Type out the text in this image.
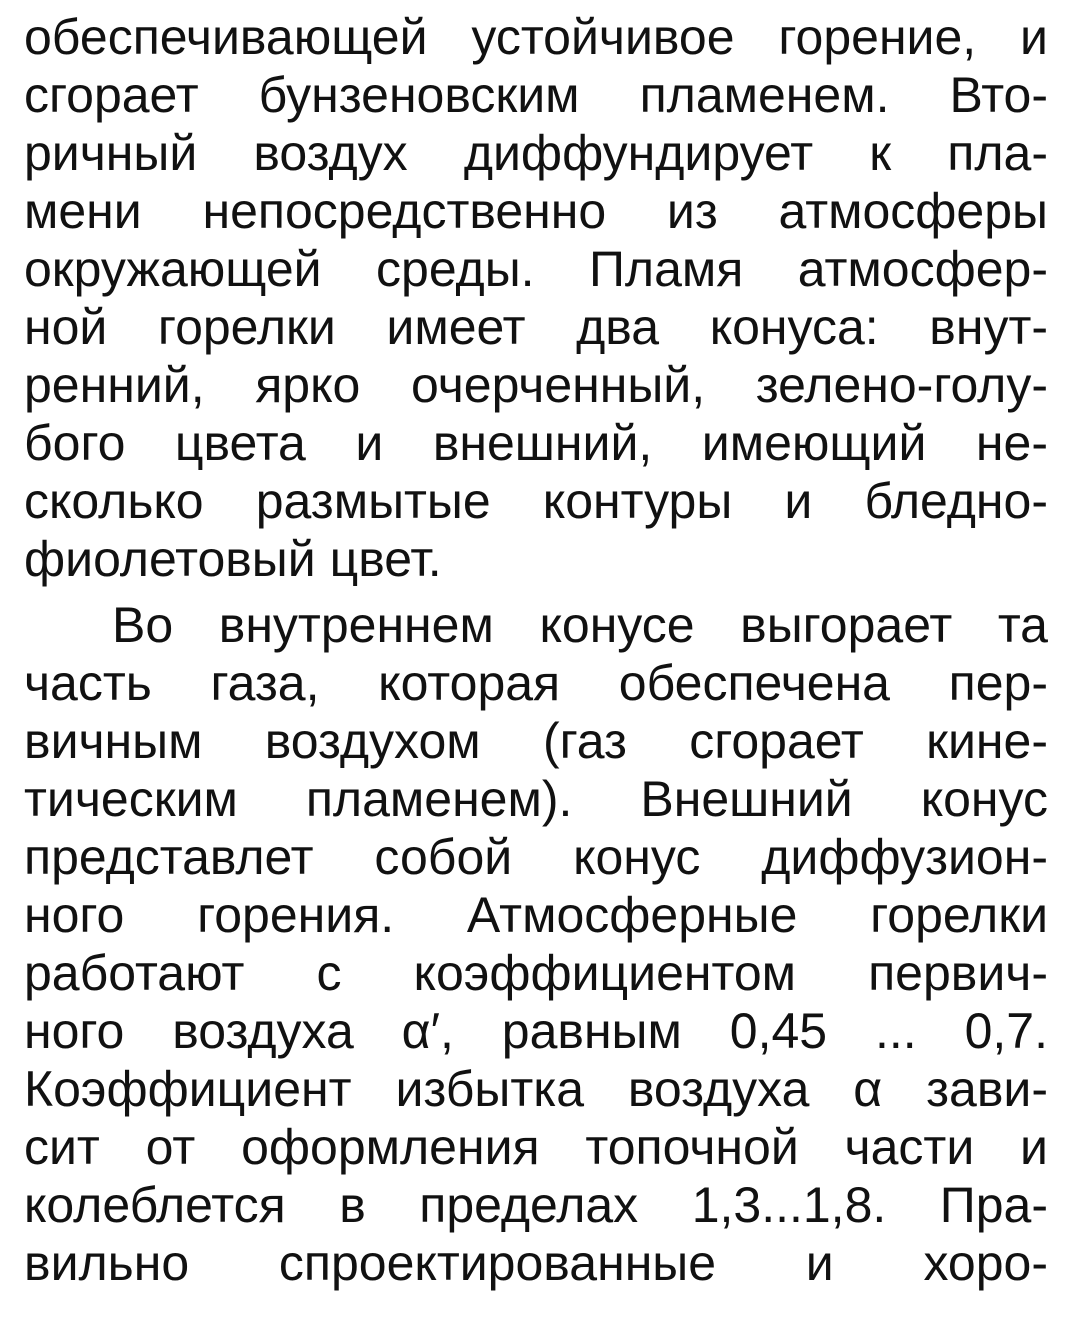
обеспечивающей устойчивое горение, и
сгорает бунзеновским пламенем. Вто-
ричный воздух диффундирует к пла-
мени непосредственно из атмосферы
окружающей среды. Пламя атмосфер-
ной горелки имеет два конуса: внут-
ренний, ярко очерченный, зелено-голу-
бого цвета и внешний, имеющий не-
сколько размытые контуры и бледно-
фиолетовый цвет.
Во внутреннем конусе выгорает та
часть газа, которая обеспечена пер-
вичным воздухом (газ сгорает кине-
тическим пламенем). Внешний конус
представлет собой конус диффузион-
ного горения. Атмосферные горелки
работают с коэффициентом первич-
ного воздуха α′, равным 0,45 ... 0,7.
Коэффициент избытка воздуха α зави-
сит от оформления топочной части и
колеблется в пределах 1,3...1,8. Пра-
вильно спроектированные и хоро-
